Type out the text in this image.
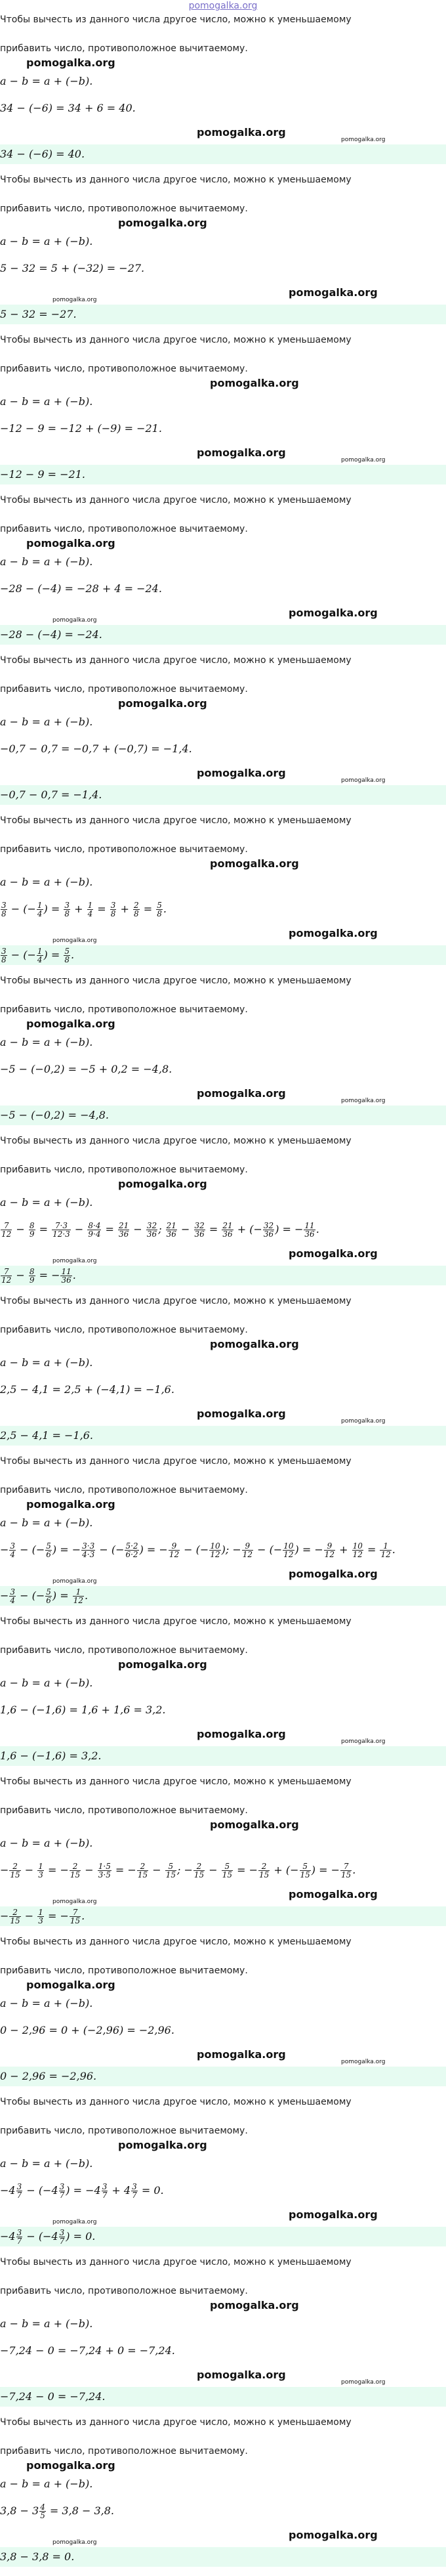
pomogalka.org
Чтобы вычесть из данного числа другое число, можно к уменьшаемому
прибавить число, противоположное вычитаемому.
a − b = a + (−b).
34 − (−6) = 34 + 6 = 40.
34 − (−6) = 40.
pomogalka.org
pomogalka.org
pomogalka.org
Чтобы вычесть из данного числа другое число, можно к уменьшаемому
прибавить число, противоположное вычитаемому.
a − b = a + (−b).
5 − 32 = 5 + (−32) = −27.
5 − 32 = −27.
pomogalka.org
pomogalka.org
pomogalka.org
Чтобы вычесть из данного числа другое число, можно к уменьшаемому
прибавить число, противоположное вычитаемому.
a − b = a + (−b).
−12 − 9 = −12 + (−9) = −21.
−12 − 9 = −21.
pomogalka.org
pomogalka.org
pomogalka.org
Чтобы вычесть из данного числа другое число, можно к уменьшаемому
прибавить число, противоположное вычитаемому.
a − b = a + (−b).
−28 − (−4) = −28 + 4 = −24.
−28 − (−4) = −24.
pomogalka.org
pomogalka.org
pomogalka.org
Чтобы вычесть из данного числа другое число, можно к уменьшаемому
прибавить число, противоположное вычитаемому.
a − b = a + (−b).
−0,7 − 0,7 = −0,7 + (−0,7) = −1,4.
−0,7 − 0,7 = −1,4.
pomogalka.org
pomogalka.org
pomogalka.org
Чтобы вычесть из данного числа другое число, можно к уменьшаемому
прибавить число, противоположное вычитаемому.
a − b = a + (−b).
$\frac{3}{8}$ − (− $\frac{1}{4}$ ) = $\frac{3}{8} + \frac{1}{4} = \frac{3}{8} + \frac{2}{8} = \frac{5}{8}$ .
$\frac{3}{8}$ − (− $\frac{1}{4}$ ) = $\frac{5}{8}$ .
pomogalka.org
pomogalka.org
pomogalka.org
Чтобы вычесть из данного числа другое число, можно к уменьшаемому
прибавить число, противоположное вычитаемому.
a − b = a + (−b).
−5 − (−0,2) = −5 + 0,2 = −4,8.
−5 − (−0,2) = −4,8.
pomogalka.org
pomogalka.org
pomogalka.org
Чтобы вычесть из данного числа другое число, можно к уменьшаемому
прибавить число, противоположное вычитаемому.
a − b = a + (−b).
$\frac{7}{12} - \frac{8}{9} = \frac{7\cdot 3}{12\cdot 3} - \frac{8\cdot 4}{9\cdot 4} = \frac{21}{36} - \frac{32}{36}$ ; $\frac{21}{36} - \frac{32}{36} = \frac{21}{36}$ + (− $\frac{32}{36}$ ) = − $\frac{11}{36}$ .
$\frac{7}{12} - \frac{8}{9}$ = − $\frac{11}{36}$ .
pomogalka.org
pomogalka.org
pomogalka.org
Чтобы вычесть из данного числа другое число, можно к уменьшаемому
прибавить число, противоположное вычитаемому.
a − b = a + (−b).
2,5 − 4,1 = 2,5 + (−4,1) = −1,6.
2,5 − 4,1 = −1,6.
pomogalka.org
pomogalka.org
pomogalka.org
Чтобы вычесть из данного числа другое число, можно к уменьшаемому
прибавить число, противоположное вычитаемому.
a − b = a + (−b).
− $\frac{3}{4}$ − (− $\frac{5}{6}$ ) = − $\frac{3\cdot 3}{4\cdot 3}$ − (− $\frac{5\cdot 2}{6\cdot 2}$ ) = − $\frac{9}{12}$ − (− $\frac{10}{12}$ ); − $\frac{9}{12}$ − (− $\frac{10}{12}$ ) = − $\frac{9}{12} + \frac{10}{12} = \frac{1}{12}$ .
− $\frac{3}{4}$ − (− $\frac{5}{6}$ ) = $\frac{1}{12}$ .
pomogalka.org
pomogalka.org
pomogalka.org
Чтобы вычесть из данного числа другое число, можно к уменьшаемому
прибавить число, противоположное вычитаемому.
a − b = a + (−b).
1,6 − (−1,6) = 1,6 + 1,6 = 3,2.
1,6 − (−1,6) = 3,2.
pomogalka.org
pomogalka.org
pomogalka.org
Чтобы вычесть из данного числа другое число, можно к уменьшаемому
прибавить число, противоположное вычитаемому.
a − b = a + (−b).
− $\frac{2}{15} - \frac{1}{3}$ = − $\frac{2}{15} - \frac{1\cdot 5}{3\cdot 5}$ = − $\frac{2}{15} - \frac{5}{15}$ ; − $\frac{2}{15} - \frac{5}{15}$ = − $\frac{2}{15}$ + (− $\frac{5}{15}$ ) = − $\frac{7}{15}$ .
− $\frac{2}{15} - \frac{1}{3}$ = − $\frac{7}{15}$ .
pomogalka.org
pomogalka.org
pomogalka.org
Чтобы вычесть из данного числа другое число, можно к уменьшаемому
прибавить число, противоположное вычитаемому.
a − b = a + (−b).
0 − 2,96 = 0 + (−2,96) = −2,96.
0 − 2,96 = −2,96.
pomogalka.org
pomogalka.org
pomogalka.org
Чтобы вычесть из данного числа другое число, можно к уменьшаемому
прибавить число, противоположное вычитаемому.
a − b = a + (−b).
$-4 \frac{3}{7} - (-4 \frac{3}{7}$ ) = $-4 \frac{3}{7} + 4 \frac{3}{7} = 0$.
$-4 \frac{3}{7} - (-4 \frac{3}{7}$ ) = 0.
pomogalka.org
pomogalka.org
pomogalka.org
Чтобы вычесть из данного числа другое число, можно к уменьшаемому
прибавить число, противоположное вычитаемому.
a − b = a + (−b).
−7,24 − 0 = −7,24 + 0 = −7,24.
−7,24 − 0 = −7,24.
pomogalka.org
pomogalka.org
pomogalka.org
Чтобы вычесть из данного числа другое число, можно к уменьшаемому
прибавить число, противоположное вычитаемому.
a − b = a + (−b).
$3,8 - 3 \frac{4}{5} = 3,8 - 3,8$.
3,8 − 3,8 = 0.
pomogalka.org
pomogalka.org
pomogalka.org
